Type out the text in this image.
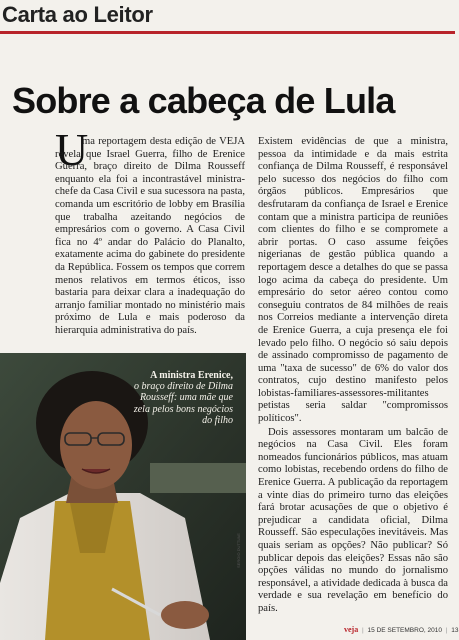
Carta ao Leitor
Sobre a cabeça de Lula
U

ma reportagem desta edição de VEJA revela que Israel Guerra, filho de Erenice Guerra, braço direito de Dilma Rousseff enquanto ela foi a incontrastável ministra-chefe da Casa Civil e sua sucessora na pasta, comanda um escritório de lobby em Brasília que trabalha azeitando negócios de empresários com o governo. A Casa Civil fica no 4º andar do Palácio do Planalto, exatamente acima do gabinete do presidente da República. Fossem os tempos que correm menos relativos em termos éticos, isso bastaria para deixar clara a inadequação do arranjo familiar montado no ministério mais próximo de Lula e mais poderoso da hierarquia administrativa do país.

Existem evidências de que a ministra, pessoa da intimidade e da mais estrita confiança de Dilma Rousseff, é responsável pelo sucesso dos negócios do filho com órgãos públicos. Empresários que desfrutaram da confiança de Israel e Erenice contam que a ministra participa de reuniões com clientes do filho e se compromete a abrir portas. O caso assume feições nigerianas de gestão pública quando a reportagem desce a detalhes do que se passa logo acima da cabeça do presidente. Um empresário do setor aéreo contou como conseguiu contratos de 84 milhões de reais nos Correios mediante a intervenção direta de Erenice Guerra, a cuja presença ele foi levado pelo filho. O negócio só saiu depois de assinado compromisso de pagamento de uma "taxa de sucesso" de 6% do valor dos contratos, cujo destino manifesto pelos lobistas-familiares-assessores-militantes petistas seria saldar "compromissos políticos".

Dois assessores montaram um balcão de negócios na Casa Civil. Eles foram nomeados funcionários públicos, mas atuam como lobistas, recebendo ordens do filho de Erenice Guerra. A publicação da reportagem a vinte dias do primeiro turno das eleições fará brotar acusações de que o objetivo é prejudicar a candidata oficial, Dilma Rousseff. São especulações inevitáveis. Mas quais seriam as opções? Não publicar? Só publicar depois das eleições? Essas não são opções válidas no mundo do jornalismo responsável, a atividade dedicada à busca da verdade e sua revelação em benefício do país.

A ministra Erenice,
o braço direito de Dilma Rousseff: uma mãe que zela pelos bons negócios do filho
SERGIO DUTTI/AE
veja | 15 DE SETEMBRO, 2010 | 13
